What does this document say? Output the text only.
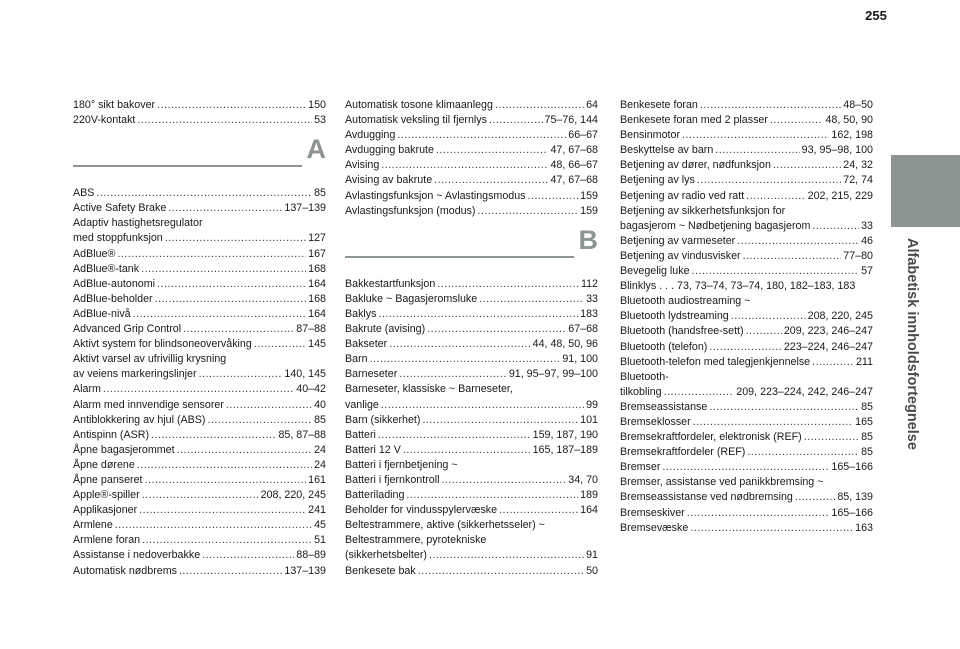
255
Alfabetisk innholdsfortegnelse
180° sikt bakover .....	150
220V-kontakt .....	53
A
ABS .....	85
Active Safety Brake .....	137–139
Adaptiv hastighetsregulator
med stoppfunksjon .....	127
AdBlue® .....	167
AdBlue®-tank .....	168
AdBlue-autonomi .....	164
AdBlue-beholder .....	168
AdBlue-nivå .....	164
Advanced Grip Control .....	87–88
Aktivt system for blindsoneovervåking .....	145
Aktivt varsel av ufrivillig krysning
av veiens markeringslinjer .....	140, 145
Alarm .....	40–42
Alarm med innvendige sensorer .....	40
Antiblokkering av hjul (ABS) .....	85
Antispinn (ASR) .....	85, 87–88
Åpne bagasjerommet .....	24
Åpne dørene .....	24
Åpne panseret .....	161
Apple®-spiller .....	208, 220, 245
Applikasjoner .....	241
Armlene .....	45
Armlene foran .....	51
Assistanse i nedoverbakke .....	88–89
Automatisk nødbrems .....	137–139
Automatisk tosone klimaanlegg .....	64
Automatisk veksling til fjernlys .....	75–76, 144
Avdugging .....	66–67
Avdugging bakrute .....	47, 67–68
Avising .....	48, 66–67
Avising av bakrute .....	47, 67–68
Avlastingsfunksjon ~ Avlastingsmodus .....	159
Avlastingsfunksjon (modus) .....	159
B
Bakkestartfunksjon .....	112
Bakluke ~ Bagasjeromsluke .....	33
Baklys .....	183
Bakrute (avising) .....	67–68
Bakseter .....	44, 48, 50, 96
Barn .....	91, 100
Barneseter .....	91, 95–97, 99–100
Barneseter, klassiske ~ Barneseter,
vanlige .....	99
Barn (sikkerhet) .....	101
Batteri .....	159, 187, 190
Batteri 12 V .....	165, 187–189
Batteri i fjernbetjening ~
Batteri i fjernkontroll .....	34, 70
Batterilading .....	189
Beholder for vindusspylervæske .....	164
Beltestrammere, aktive (sikkerhetsseler) ~
Beltestrammere, pyrotekniske
(sikkerhetsbelter) .....	91
Benkesete bak .....	50
Benkesete foran .....	48–50
Benkesete foran med 2 plasser .....	48, 50, 90
Bensinmotor .....	162, 198
Beskyttelse av barn .....	93, 95–98, 100
Betjening av dører, nødfunksjon .....	24, 32
Betjening av lys .....	72, 74
Betjening av radio ved ratt .....	202, 215, 229
Betjening av sikkerhetsfunksjon for
bagasjerom ~ Nødbetjening bagasjerom .....	33
Betjening av varmeseter .....	46
Betjening av vindusvisker .....	77–80
Bevegelig luke .....	57
Blinklys . . . 73, 73–74, 73–74, 180, 182–183, 183
Bluetooth audiostreaming ~
Bluetooth lydstreaming .....	208, 220, 245
Bluetooth (handsfree-sett) .....	209, 223, 246–247
Bluetooth (telefon) .....	223–224, 246–247
Bluetooth-telefon med talegjenkjennelse .....	211
Bluetooth-
tilkobling .....	209, 223–224, 242, 246–247
Bremseassistanse .....	85
Bremseklosser .....	165
Bremsekraftfordeler, elektronisk (REF) .....	85
Bremsekraftfordeler (REF) .....	85
Bremser .....	165–166
Bremser, assistanse ved panikkbremsing ~
Bremseassistanse ved nødbremsing .....	85, 139
Bremseskiver .....	165–166
Bremsevæske .....	163
